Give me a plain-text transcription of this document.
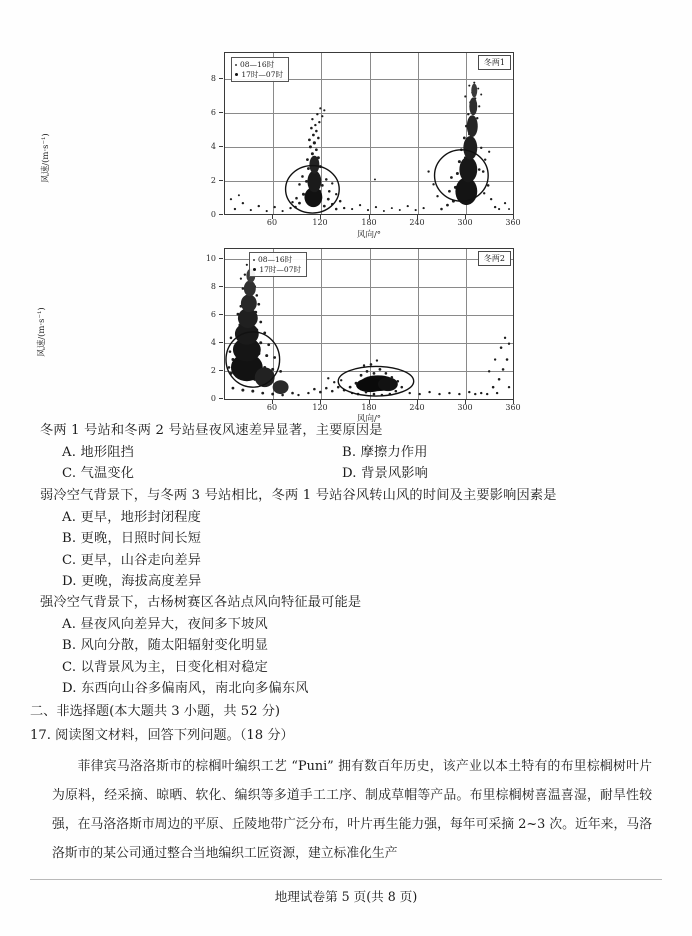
风速/(m·s⁻¹)
8
6
4
2
0
08—16时
17时—07时
冬两1
60	120	180	240	300	360
风向/°
风速/(m·s⁻¹)
10
8
6
4
2
0
08—16时
17时—07时
冬两2
60	120	180	240	300	360
风向/°
冬两 1 号站和冬两 2 号站昼夜风速差异显著，主要原因是
A. 地形阻挡	B. 摩擦力作用
C. 气温变化	D. 背景风影响
弱冷空气背景下，与冬两 3 号站相比，冬两 1 号站谷风转山风的时间及主要影响因素是
A. 更早，地形封闭程度
B. 更晚，日照时间长短
C. 更早，山谷走向差异
D. 更晚，海拔高度差异
强冷空气背景下，古杨树赛区各站点风向特征最可能是
A. 昼夜风向差异大，夜间多下坡风
B. 风向分散，随太阳辐射变化明显
C. 以背景风为主，日变化相对稳定
D. 东西向山谷多偏南风，南北向多偏东风
二、非选择题(本大题共 3 小题，共 52 分)
17. 阅读图文材料，回答下列问题。（18 分）
菲律宾马洛洛斯市的棕榈叶编织工艺 “Puni” 拥有数百年历史，该产业以本土特有的布里棕榈树叶片为原料，经采摘、晾晒、软化、编织等多道手工工序、制成草帽等产品。布里棕榈树喜温喜湿，耐旱性较强，在马洛洛斯市周边的平原、丘陵地带广泛分布，叶片再生能力强，每年可采摘 2~3 次。近年来，马洛洛斯市的某公司通过整合当地编织工匠资源，建立标准化生产
地理试卷第 5 页(共 8 页)
